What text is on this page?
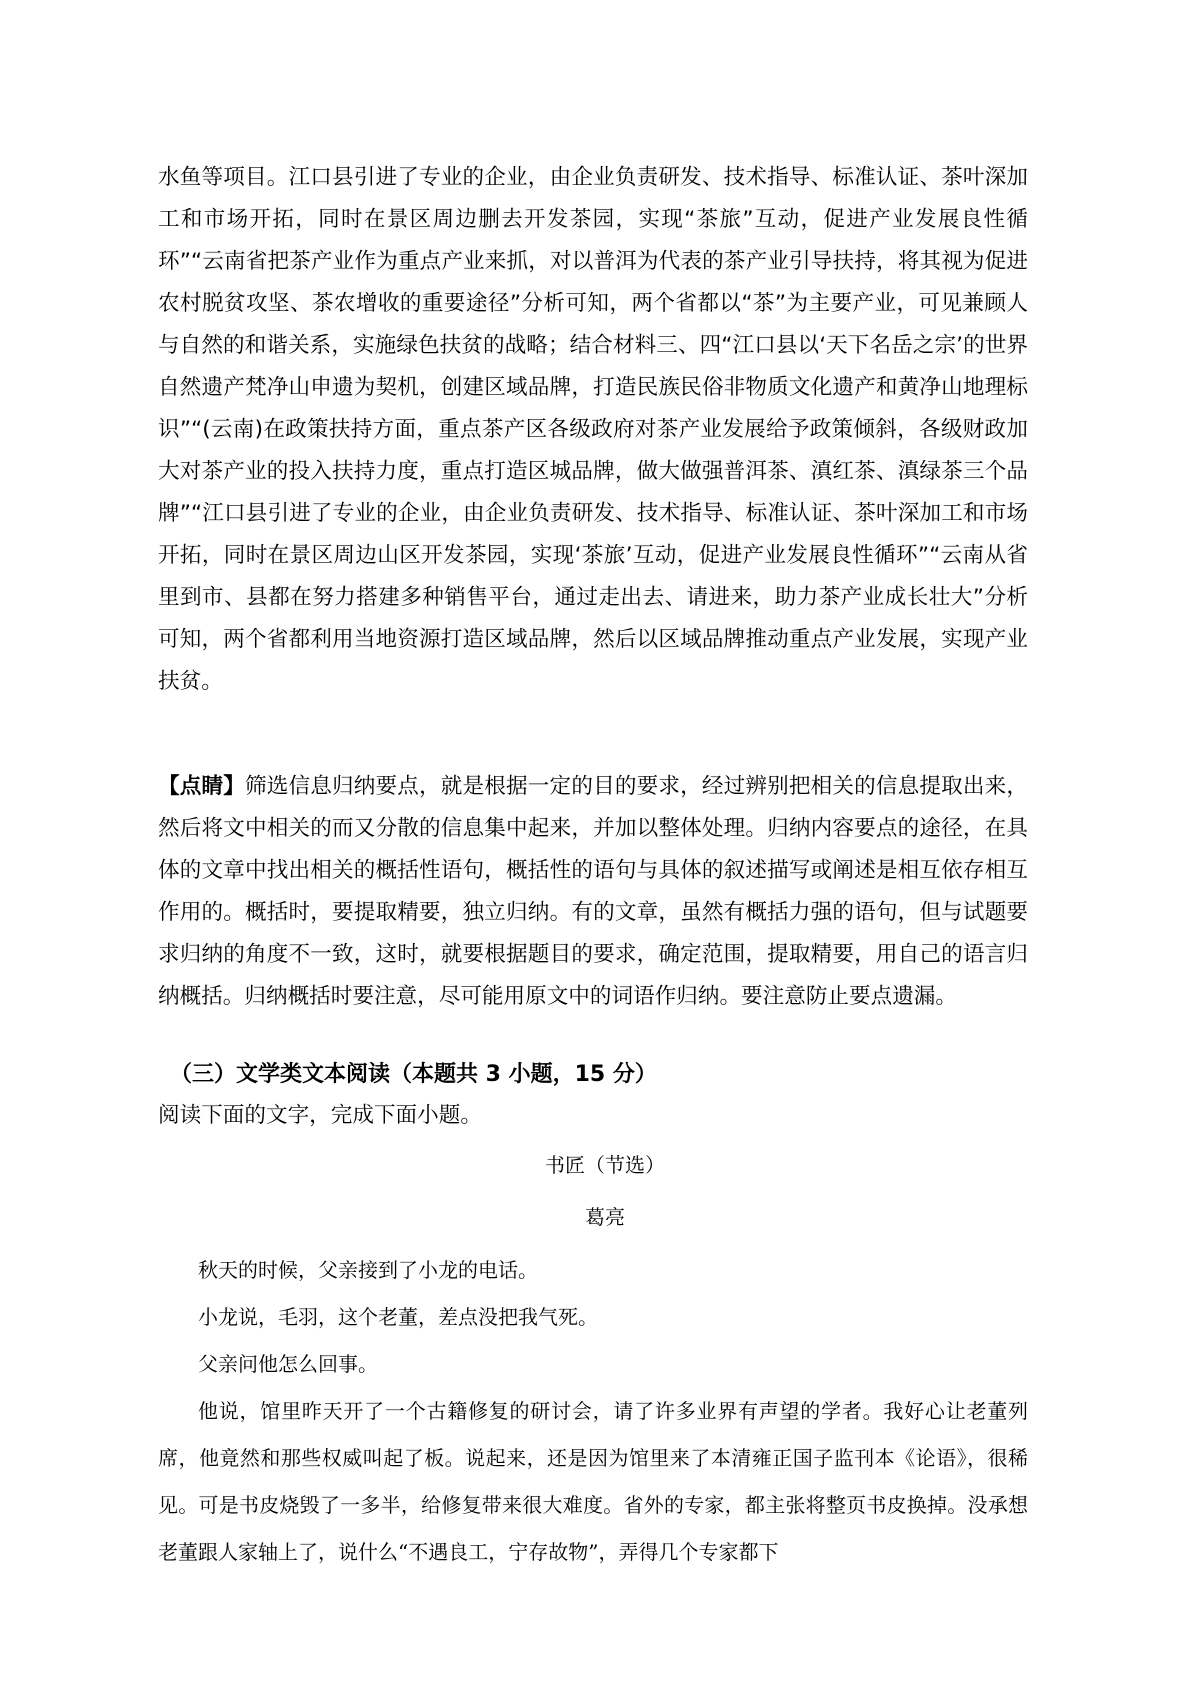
水鱼等项目。江口县引进了专业的企业，由企业负责研发、技术指导、标准认证、茶叶深加工和市场开拓，同时在景区周边删去开发茶园，实现“茶旅”互动，促进产业发展良性循环”“云南省把茶产业作为重点产业来抓，对以普洱为代表的茶产业引导扶持，将其视为促进农村脱贫攻坚、茶农增收的重要途径”分析可知，两个省都以“茶”为主要产业，可见兼顾人与自然的和谐关系，实施绿色扶贫的战略；结合材料三、四“江口县以‘天下名岳之宗’的世界自然遗产梵净山申遗为契机，创建区域品牌，打造民族民俗非物质文化遗产和黄净山地理标识”“(云南)在政策扶持方面，重点茶产区各级政府对茶产业发展给予政策倾斜，各级财政加大对茶产业的投入扶持力度，重点打造区城品牌，做大做强普洱茶、滇红茶、滇绿茶三个品牌”“江口县引进了专业的企业，由企业负责研发、技术指导、标准认证、茶叶深加工和市场开拓，同时在景区周边山区开发茶园，实现‘茶旅’互动，促进产业发展良性循环”“云南从省里到市、县都在努力搭建多种销售平台，通过走出去、请进来，助力茶产业成长壮大”分析可知，两个省都利用当地资源打造区域品牌，然后以区域品牌推动重点产业发展，实现产业扶贫。

【点睛】筛选信息归纳要点，就是根据一定的目的要求，经过辨别把相关的信息提取出来，然后将文中相关的而又分散的信息集中起来，并加以整体处理。归纳内容要点的途径，在具体的文章中找出相关的概括性语句，概括性的语句与具体的叙述描写或阐述是相互依存相互作用的。概括时，要提取精要，独立归纳。有的文章，虽然有概括力强的语句，但与试题要求归纳的角度不一致，这时，就要根据题目的要求，确定范围，提取精要，用自己的语言归纳概括。归纳概括时要注意，尽可能用原文中的词语作归纳。要注意防止要点遗漏。

（三）文学类文本阅读（本题共 3 小题，15 分）
阅读下面的文字，完成下面小题。
书匠（节选）
葛亮

秋天的时候，父亲接到了小龙的电话。

小龙说，毛羽，这个老董，差点没把我气死。

父亲问他怎么回事。

他说，馆里昨天开了一个古籍修复的研讨会，请了许多业界有声望的学者。我好心让老董列席，他竟然和那些权威叫起了板。说起来，还是因为馆里来了本清雍正国子监刊本《论语》，很稀见。可是书皮烧毁了一多半，给修复带来很大难度。省外的专家，都主张将整页书皮换掉。没承想老董跟人家轴上了，说什么“不遇良工，宁存故物”，弄得几个专家都下
